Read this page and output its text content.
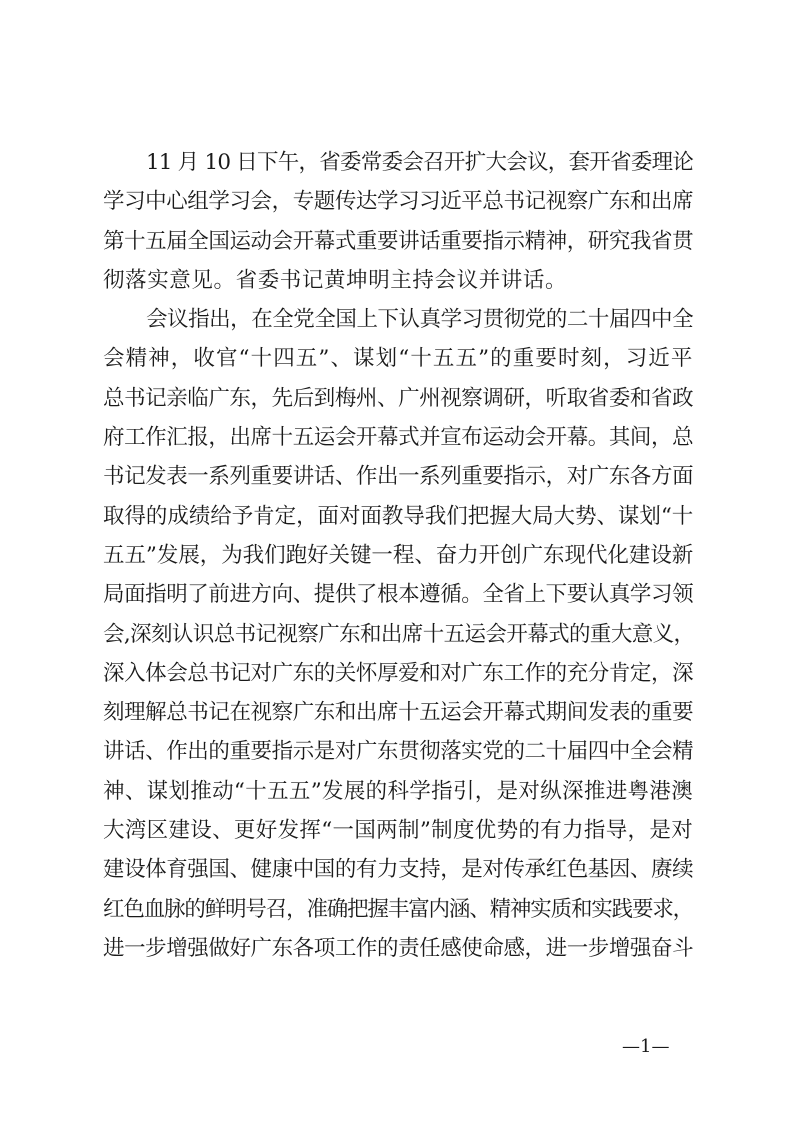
11 月 10 日下午，省委常委会召开扩大会议，套开省委理论
学习中心组学习会，专题传达学习习近平总书记视察广东和出席
第十五届全国运动会开幕式重要讲话重要指示精神，研究我省贯
彻落实意见。省委书记黄坤明主持会议并讲话。
会议指出，在全党全国上下认真学习贯彻党的二十届四中全
会精神，收官“十四五”、谋划“十五五”的重要时刻，习近平
总书记亲临广东，先后到梅州、广州视察调研，听取省委和省政
府工作汇报，出席十五运会开幕式并宣布运动会开幕。其间，总
书记发表一系列重要讲话、作出一系列重要指示，对广东各方面
取得的成绩给予肯定，面对面教导我们把握大局大势、谋划“十
五五”发展，为我们跑好关键一程、奋力开创广东现代化建设新
局面指明了前进方向、提供了根本遵循。全省上下要认真学习领
会,深刻认识总书记视察广东和出席十五运会开幕式的重大意义，
深入体会总书记对广东的关怀厚爱和对广东工作的充分肯定，深
刻理解总书记在视察广东和出席十五运会开幕式期间发表的重要
讲话、作出的重要指示是对广东贯彻落实党的二十届四中全会精
神、谋划推动“十五五”发展的科学指引，是对纵深推进粤港澳
大湾区建设、更好发挥“一国两制”制度优势的有力指导，是对
建设体育强国、健康中国的有力支持，是对传承红色基因、赓续
红色血脉的鲜明号召，准确把握丰富内涵、精神实质和实践要求，
进一步增强做好广东各项工作的责任感使命感，进一步增强奋斗
—1—
